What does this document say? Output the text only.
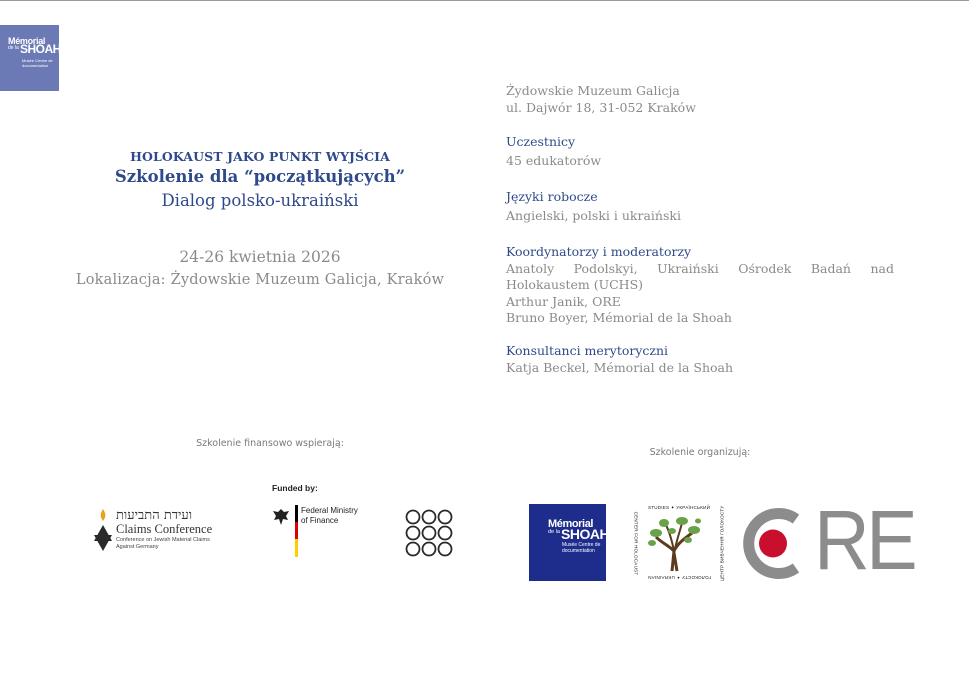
Mémorial
de la SHOAH
Musée Centre de documentation
HOLOKAUST JAKO PUNKT WYJŚCIA
Szkolenie dla “początkujących”
Dialog polsko-ukraiński
24-26 kwietnia 2026
Lokalizacja: Żydowskie Muzeum Galicja, Kraków
Żydowskie Muzeum Galicja
ul. Dajwór 18, 31-052 Kraków
Uczestnicy
45 edukatorów
Języki robocze
Angielski, polski i ukraiński
Koordynatorzy i moderatorzy
Anatoly Podolskyi, Ukraiński Ośrodek Badań nad Holokaustem (UCHS)
Arthur Janik, ORE
Bruno Boyer, Mémorial de la Shoah
Konsultanci merytoryczni
Katja Beckel, Mémorial de la Shoah
Szkolenie finansowo wspierają:
ועידת התביעות
Claims Conference
Conference on Jewish Material Claims Against Germany
Funded by:
Federal Ministry of Finance
Szkolenie organizują:
Mémorial
de la SHOAH
Musée Centre de documentation
STUDIES ✦ УКРАЇНСЬКИЙ
CENTER FOR HOLOCAUST	ЦЕНТР ВИВЧЕННЯ ГОЛОКОСТУ
ГОЛОКОСТУ ✦ UKRAINIAN RE
